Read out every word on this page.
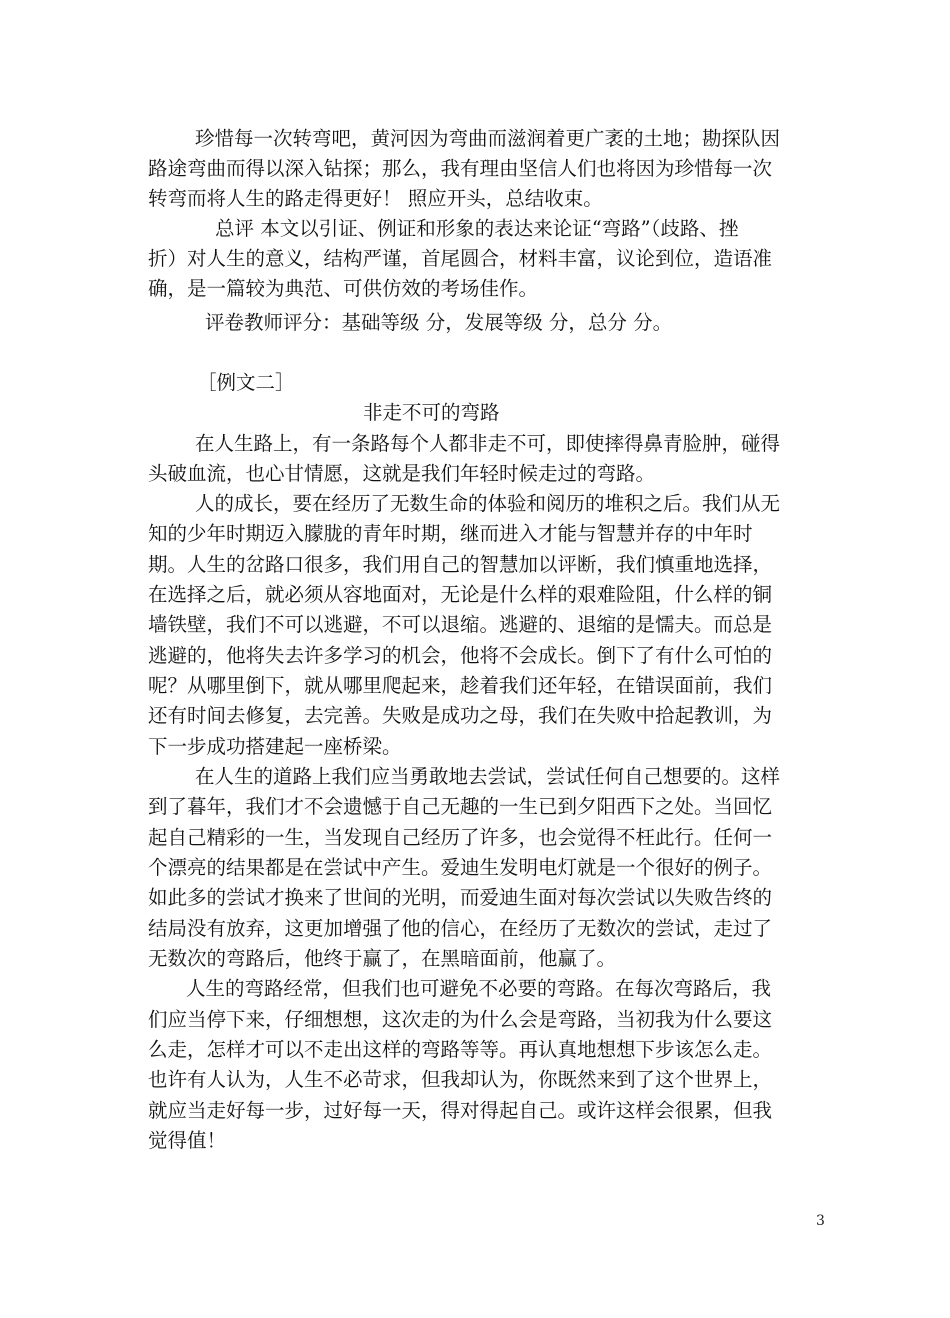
珍惜每一次转弯吧，黄河因为弯曲而滋润着更广袤的土地；勘探队因
路途弯曲而得以深入钻探；那么，我有理由坚信人们也将因为珍惜每一次
转弯而将人生的路走得更好！ 照应开头，总结收束。
总评 本文以引证、例证和形象的表达来论证“弯路”（歧路、挫
折）对人生的意义，结构严谨，首尾圆合，材料丰富，议论到位，造语准
确，是一篇较为典范、可供仿效的考场佳作。
评卷教师评分：基础等级 分，发展等级 分，总分 分。
［例文二］
非走不可的弯路
在人生路上，有一条路每个人都非走不可，即使摔得鼻青脸肿，碰得
头破血流，也心甘情愿，这就是我们年轻时候走过的弯路。
人的成长，要在经历了无数生命的体验和阅历的堆积之后。我们从无
知的少年时期迈入朦胧的青年时期，继而进入才能与智慧并存的中年时
期。人生的岔路口很多，我们用自己的智慧加以评断，我们慎重地选择，
在选择之后，就必须从容地面对，无论是什么样的艰难险阻，什么样的铜
墙铁壁，我们不可以逃避，不可以退缩。逃避的、退缩的是懦夫。而总是
逃避的，他将失去许多学习的机会，他将不会成长。倒下了有什么可怕的
呢？从哪里倒下，就从哪里爬起来，趁着我们还年轻，在错误面前，我们
还有时间去修复，去完善。失败是成功之母，我们在失败中拾起教训，为
下一步成功搭建起一座桥梁。
在人生的道路上我们应当勇敢地去尝试，尝试任何自己想要的。这样
到了暮年，我们才不会遗憾于自己无趣的一生已到夕阳西下之处。当回忆
起自己精彩的一生，当发现自己经历了许多，也会觉得不枉此行。任何一
个漂亮的结果都是在尝试中产生。爱迪生发明电灯就是一个很好的例子。
如此多的尝试才换来了世间的光明，而爱迪生面对每次尝试以失败告终的
结局没有放弃，这更加增强了他的信心，在经历了无数次的尝试，走过了
无数次的弯路后，他终于赢了，在黑暗面前，他赢了。
人生的弯路经常，但我们也可避免不必要的弯路。在每次弯路后，我
们应当停下来，仔细想想，这次走的为什么会是弯路，当初我为什么要这
么走，怎样才可以不走出这样的弯路等等。再认真地想想下步该怎么走。
也许有人认为，人生不必苛求，但我却认为，你既然来到了这个世界上，
就应当走好每一步，过好每一天，得对得起自己。或许这样会很累，但我
觉得值！
3
